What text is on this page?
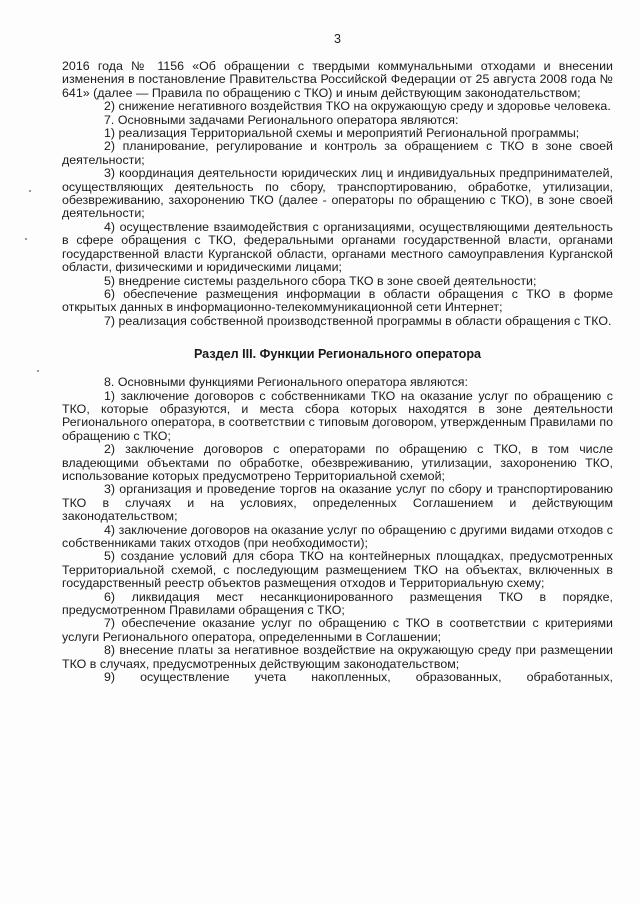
3

2016 года № 1156 «Об обращении с твердыми коммунальными отходами и внесении изменения в постановление Правительства Российской Федерации от 25 августа 2008 года № 641» (далее — Правила по обращению с ТКО) и иным действующим законодательством;

2) снижение негативного воздействия ТКО на окружающую среду и здоровье человека.

7. Основными задачами Регионального оператора являются:

1) реализация Территориальной схемы и мероприятий Региональной программы;

2) планирование, регулирование и контроль за обращением с ТКО в зоне своей деятельности;

3) координация деятельности юридических лиц и индивидуальных предпринимателей, осуществляющих деятельность по сбору, транспортированию, обработке, утилизации, обезвреживанию, захоронению ТКО (далее - операторы по обращению с ТКО), в зоне своей деятельности;

4) осуществление взаимодействия с организациями, осуществляющими деятельность в сфере обращения с ТКО, федеральными органами государственной власти, органами государственной власти Курганской области, органами местного самоуправления Курганской области, физическими и юридическими лицами;

5) внедрение системы раздельного сбора ТКО в зоне своей деятельности;

6) обеспечение размещения информации в области обращения с ТКО в форме открытых данных в информационно-телекоммуникационной сети Интернет;

7) реализация собственной производственной программы в области обращения с ТКО.

Раздел III. Функции Регионального оператора

8. Основными функциями Регионального оператора являются:

1) заключение договоров с собственниками ТКО на оказание услуг по обращению с ТКО, которые образуются, и места сбора которых находятся в зоне деятельности Регионального оператора, в соответствии с типовым договором, утвержденным Правилами по обращению с ТКО;

2) заключение договоров с операторами по обращению с ТКО, в том числе владеющими объектами по обработке, обезвреживанию, утилизации, захоронению ТКО, использование которых предусмотрено Территориальной схемой;

3) организация и проведение торгов на оказание услуг по сбору и транспортированию ТКО в случаях и на условиях, определенных Соглашением и действующим законодательством;

4) заключение договоров на оказание услуг по обращению с другими видами отходов с собственниками таких отходов (при необходимости);

5) создание условий для сбора ТКО на контейнерных площадках, предусмотренных Территориальной схемой, с последующим размещением ТКО на объектах, включенных в государственный реестр объектов размещения отходов и Территориальную схему;

6) ликвидация мест несанкционированного размещения ТКО в порядке, предусмотренном Правилами обращения с ТКО;

7) обеспечение оказание услуг по обращению с ТКО в соответствии с критериями услуги Регионального оператора, определенными в Соглашении;

8) внесение платы за негативное воздействие на окружающую среду при размещении ТКО в случаях, предусмотренных действующим законодательством;

9) осуществление учета накопленных, образованных, обработанных,
